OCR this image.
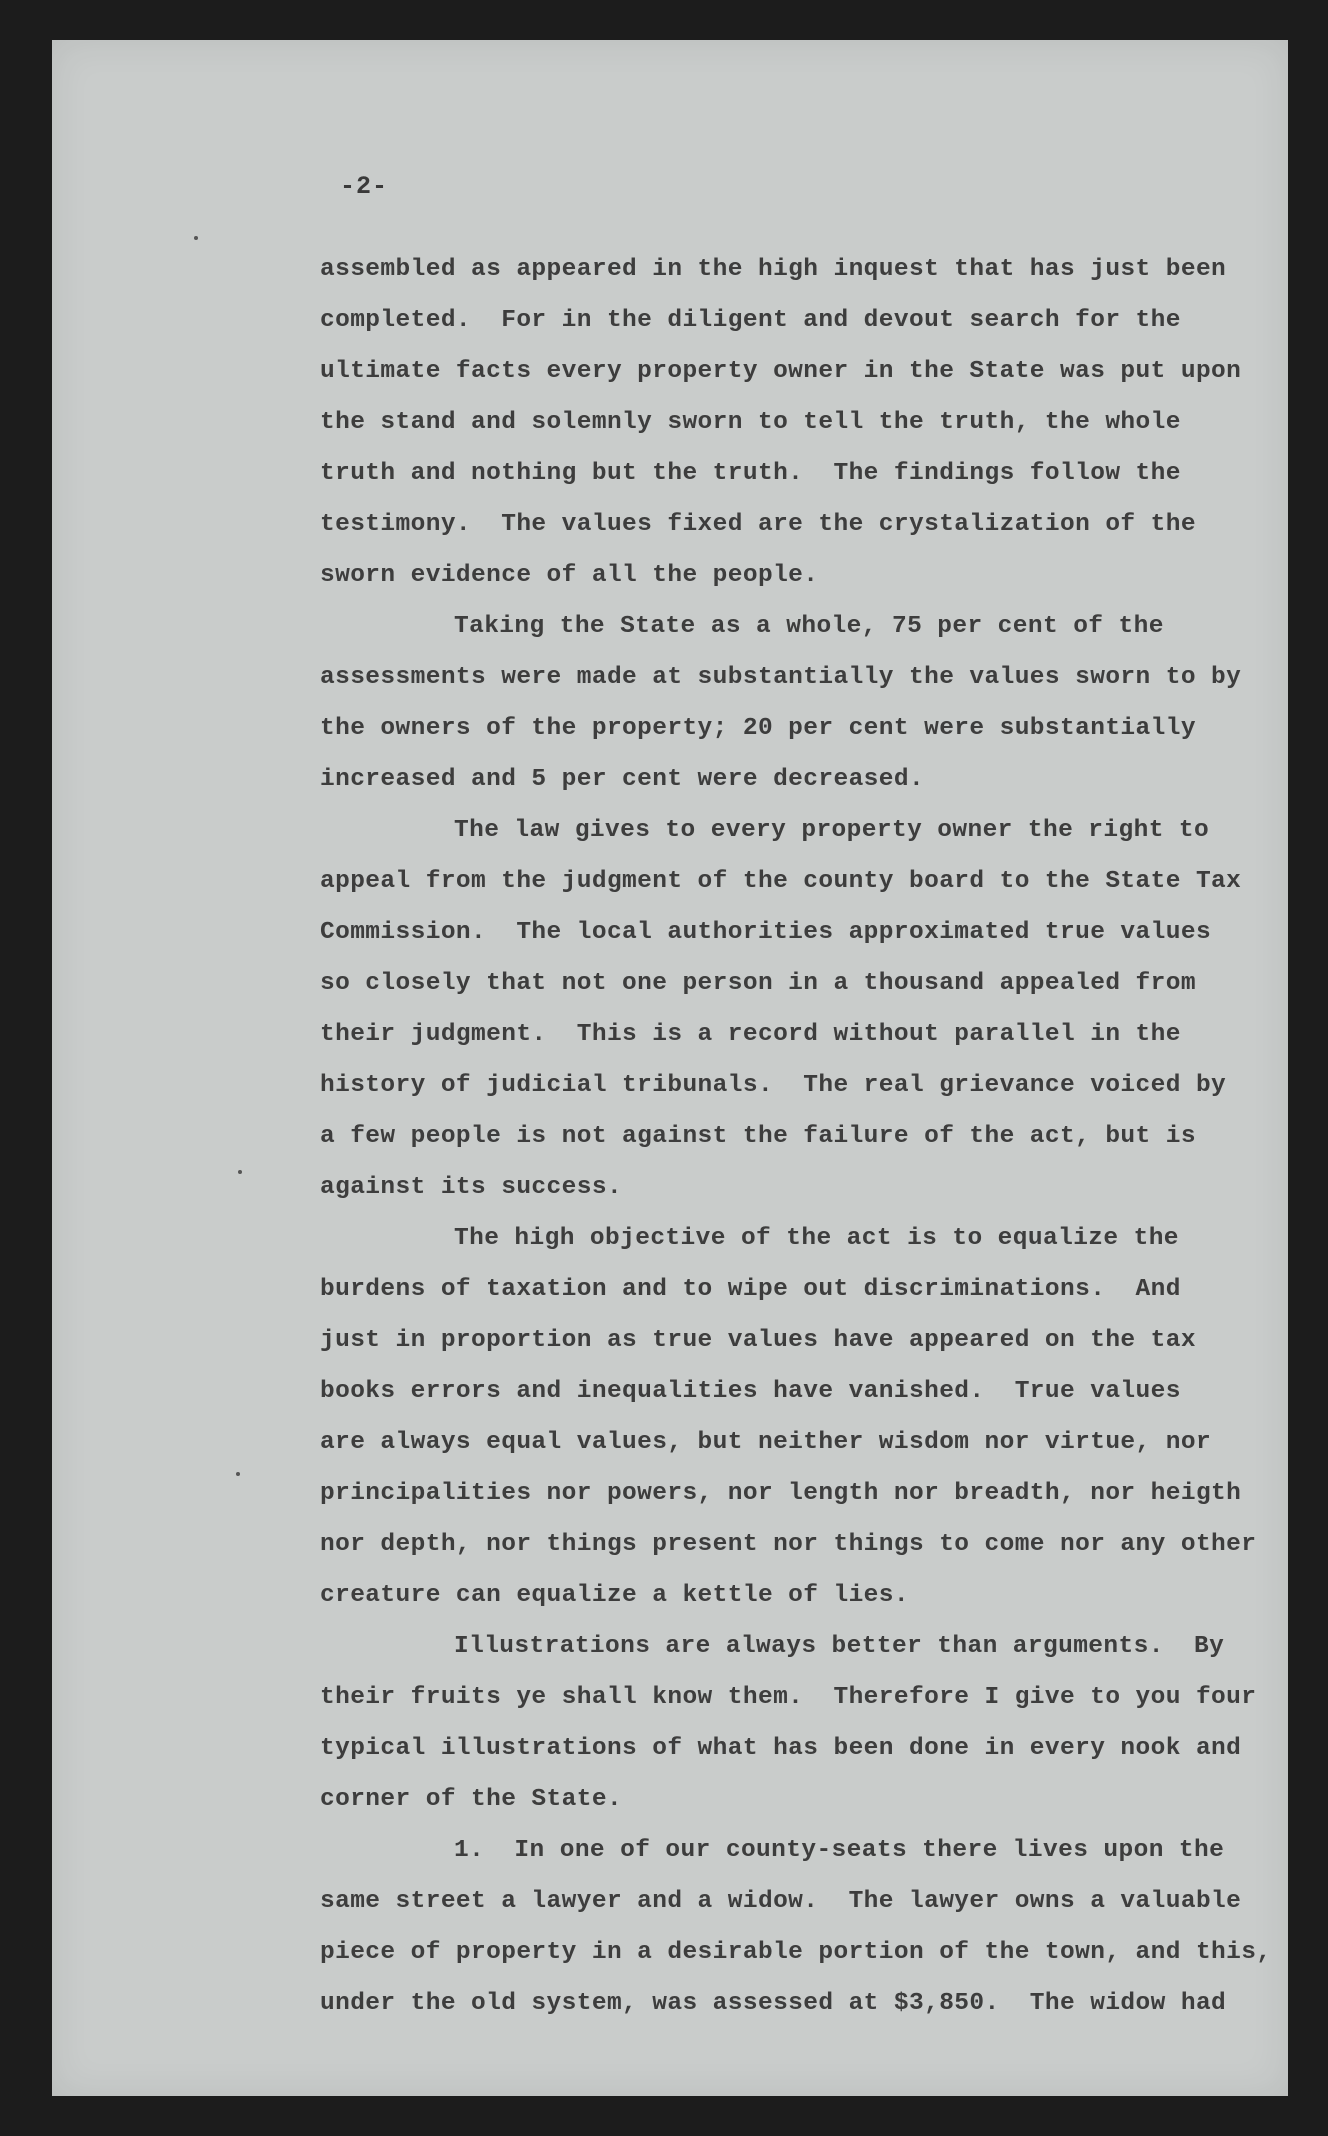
-2-
assembled as appeared in the high inquest that has just been
completed.  For in the diligent and devout search for the
ultimate facts every property owner in the State was put upon
the stand and solemnly sworn to tell the truth, the whole
truth and nothing but the truth.  The findings follow the
testimony.  The values fixed are the crystalization of the
sworn evidence of all the people.
Taking the State as a whole, 75 per cent of the
assessments were made at substantially the values sworn to by
the owners of the property; 20 per cent were substantially
increased and 5 per cent were decreased.
The law gives to every property owner the right to
appeal from the judgment of the county board to the State Tax
Commission.  The local authorities approximated true values
so closely that not one person in a thousand appealed from
their judgment.  This is a record without parallel in the
history of judicial tribunals.  The real grievance voiced by
a few people is not against the failure of the act, but is
against its success.
The high objective of the act is to equalize the
burdens of taxation and to wipe out discriminations.  And
just in proportion as true values have appeared on the tax
books errors and inequalities have vanished.  True values
are always equal values, but neither wisdom nor virtue, nor
principalities nor powers, nor length nor breadth, nor heigth
nor depth, nor things present nor things to come nor any other
creature can equalize a kettle of lies.
Illustrations are always better than arguments.  By
their fruits ye shall know them.  Therefore I give to you four
typical illustrations of what has been done in every nook and
corner of the State.
1.  In one of our county-seats there lives upon the
same street a lawyer and a widow.  The lawyer owns a valuable
piece of property in a desirable portion of the town, and this,
under the old system, was assessed at $3,850.  The widow had
